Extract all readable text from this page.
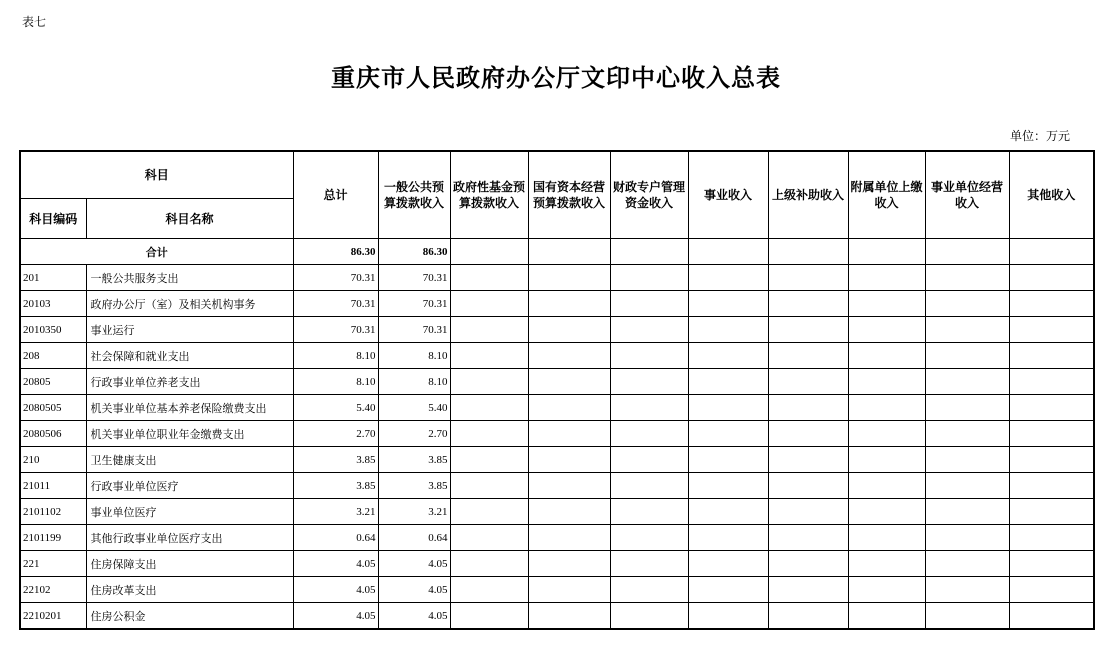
表七
重庆市人民政府办公厅文印中心收入总表
单位：万元
科目		总计	一般公共预算拨款收入	政府性基金预算拨款收入	国有资本经营预算拨款收入	财政专户管理资金收入	事业收入	上级补助收入	附属单位上缴收入	事业单位经营收入	其他收入
科目编码	科目名称										
合计		86.30	86.30								
201	一般公共服务支出	70.31	70.31								
20103	政府办公厅（室）及相关机构事务	70.31	70.31								
2010350	事业运行	70.31	70.31								
208	社会保障和就业支出	8.10	8.10								
20805	行政事业单位养老支出	8.10	8.10								
2080505	机关事业单位基本养老保险缴费支出	5.40	5.40								
2080506	机关事业单位职业年金缴费支出	2.70	2.70								
210	卫生健康支出	3.85	3.85								
21011	行政事业单位医疗	3.85	3.85								
2101102	事业单位医疗	3.21	3.21								
2101199	其他行政事业单位医疗支出	0.64	0.64								
221	住房保障支出	4.05	4.05								
22102	住房改革支出	4.05	4.05								
2210201	住房公积金	4.05	4.05								
